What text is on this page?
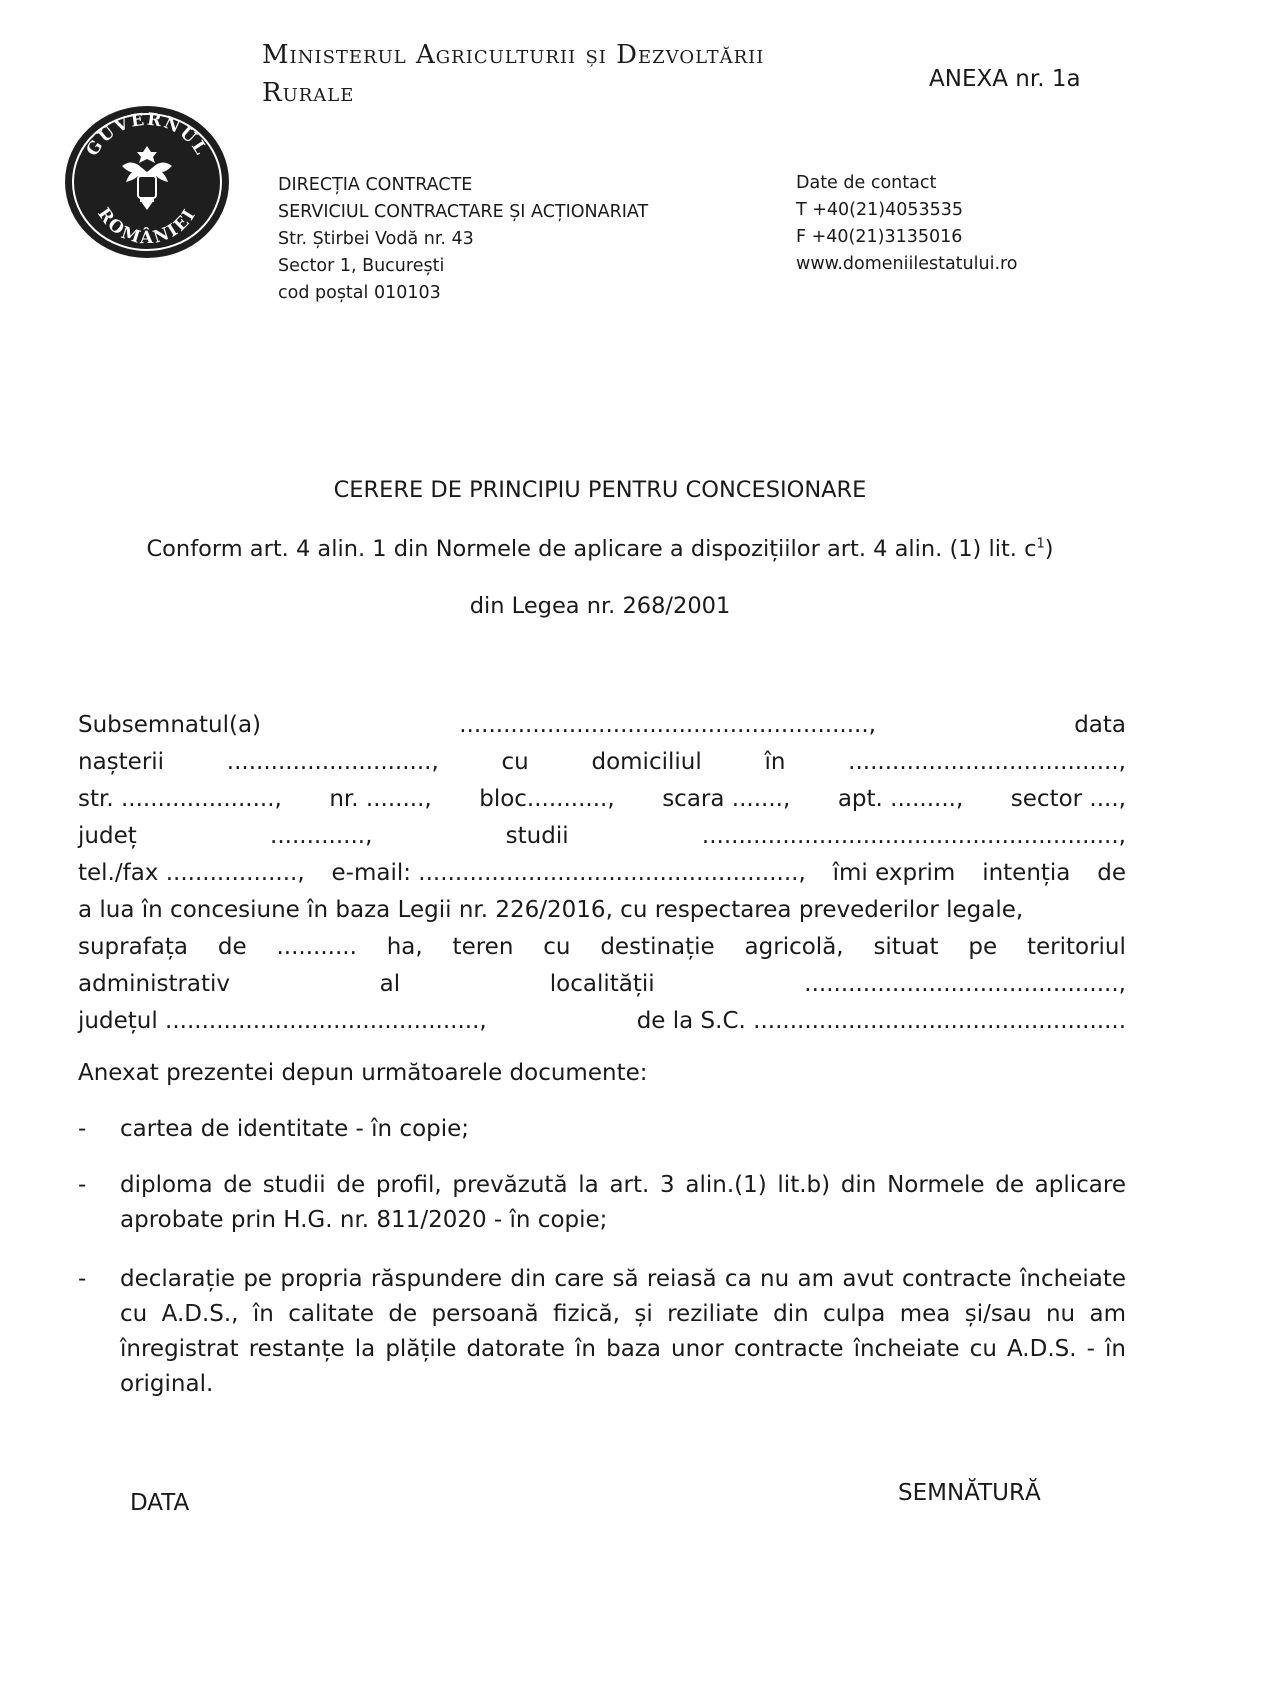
Ministerul Agriculturii și Dezvoltării
Rurale	ANEXA nr. 1a
GUVERNUL
ROMÂNIEI
DIRECȚIA CONTRACTE
SERVICIUL CONTRACTARE ȘI ACȚIONARIAT
Str. Știrbei Vodă nr. 43
Sector 1, București
cod poștal 010103
Date de contact
T +40(21)4053535
F +40(21)3135016
www.domeniilestatului.ro
CERERE DE PRINCIPIU PENTRU CONCESIONARE
Conform art. 4 alin. 1 din Normele de aplicare a dispozițiilor art. 4 alin. (1) lit. $c^1$)
din Legea nr. 268/2001
Subsemnatul(a)	........................................................,	data
nașterii	............................,	cu	domiciliul	în	.....................................,
str. ....................., nr. ........, bloc..........., scara ......., apt. ........., sector ....,
județ	.............,	studii	.........................................................,
tel./fax .................., e-mail: ...................................................., îmi exprim intenția de
a lua în concesiune în baza Legii nr. 226/2016, cu respectarea prevederilor legale,
suprafața de ........... ha, teren cu destinație agricolă, situat pe teritoriul
administrativ	al	localității	...........................................,
județul ...........................................,	de la S.C. ...................................................
Anexat prezentei depun următoarele documente:
- cartea de identitate - în copie;
- diploma de studii de profil, prevăzută la art. 3 alin.(1) lit.b) din Normele de aplicare aprobate prin H.G. nr. 811/2020 - în copie;
- declarație pe propria răspundere din care să reiasă ca nu am avut contracte încheiate cu A.D.S., în calitate de persoană fizică, și reziliate din culpa mea și/sau nu am înregistrat restanțe la plățile datorate în baza unor contracte încheiate cu A.D.S. - în original.
DATA	SEMNĂTURĂ
